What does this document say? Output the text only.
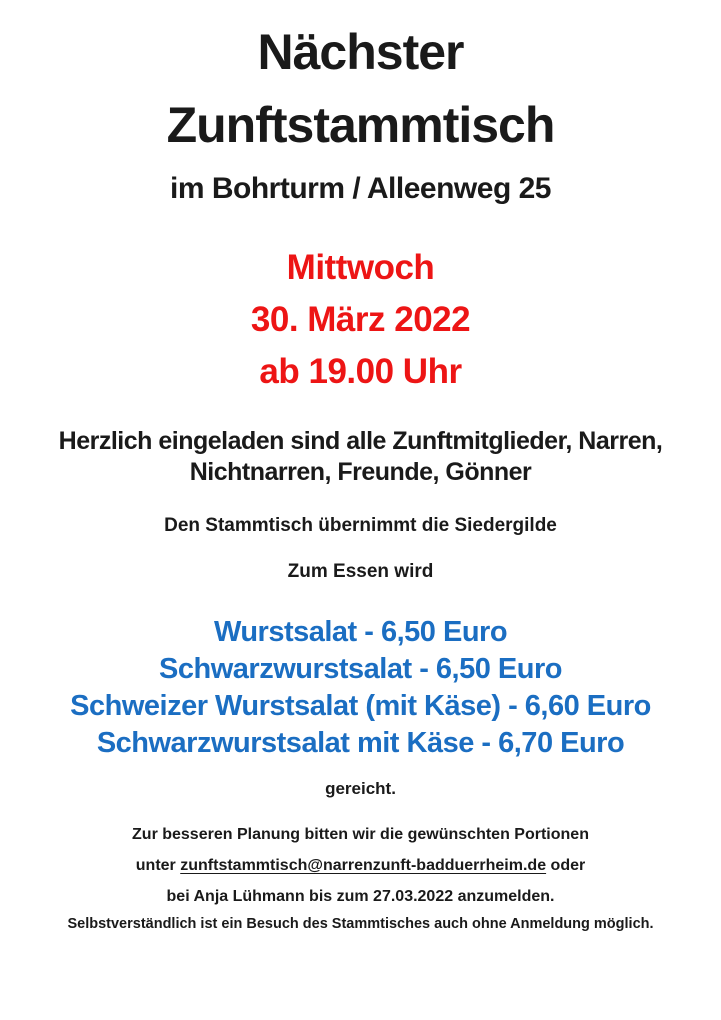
Nächster
Zunftstammtisch
im Bohrturm / Alleenweg 25
Mittwoch
30. März 2022
ab 19.00 Uhr
Herzlich eingeladen sind alle Zunftmitglieder, Narren,
Nichtnarren, Freunde, Gönner
Den Stammtisch übernimmt die Siedergilde
Zum Essen wird
Wurstsalat - 6,50 Euro
Schwarzwurstsalat - 6,50 Euro
Schweizer Wurstsalat (mit Käse) - 6,60 Euro
Schwarzwurstsalat mit Käse - 6,70 Euro
gereicht.
Zur besseren Planung bitten wir die gewünschten Portionen
unter zunftstammtisch@narrenzunft-badduerrheim.de oder
bei Anja Lühmann bis zum 27.03.2022 anzumelden.
Selbstverständlich ist ein Besuch des Stammtisches auch ohne Anmeldung möglich.
